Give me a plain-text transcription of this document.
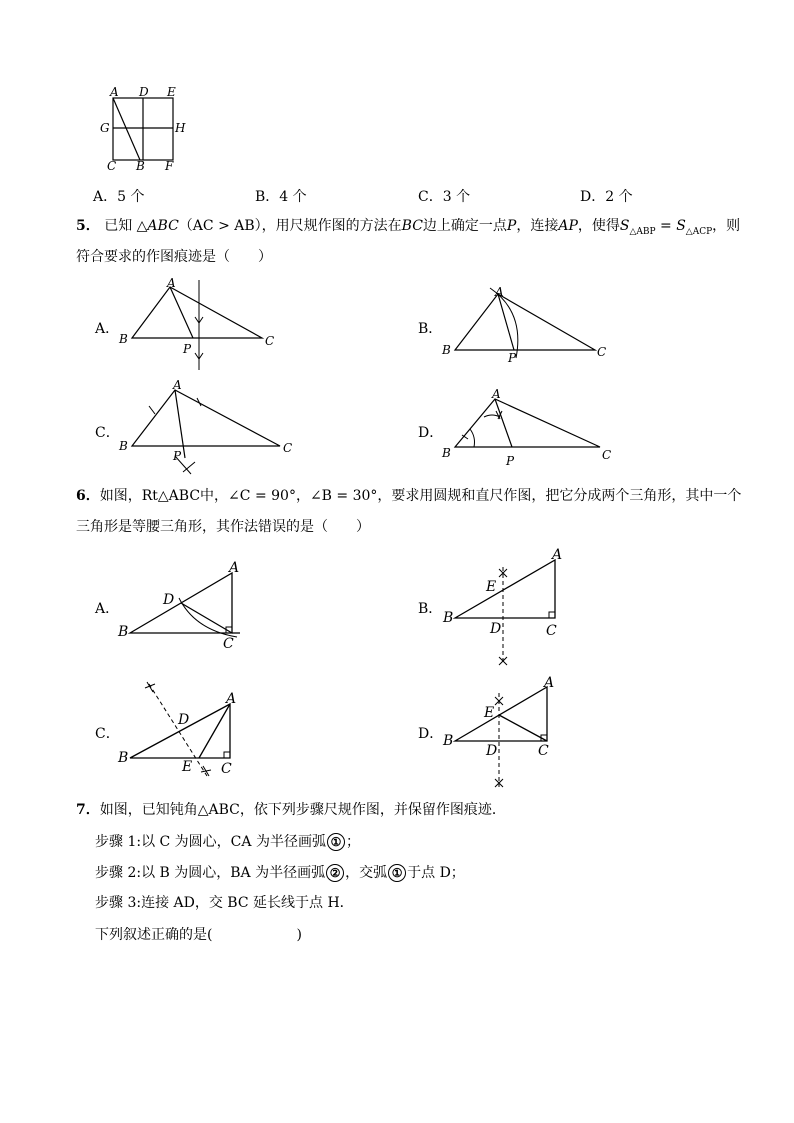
A D E
G	H
C B F
A．5 个	B．4 个	C．3 个	D．2 个
5． 已知 △ABC（AC > AB），用尺规作图的方法在BC边上确定一点P，连接AP，使得$S_{\triangle ABP} = S_{\triangle ACP}$，则
符合要求的作图痕迹是（　　）
A．
A
B	C
P
B．
A
B	C
P
C．
A
B	C
P
D．
A
B	C
P
6．如图，Rt△ABC中，∠C = 90°，∠B = 30°，要求用圆规和直尺作图，把它分成两个三角形，其中一个
三角形是等腰三角形，其作法错误的是（　　）
A．
A
B
C
D
B．
A
B
C
D
E
C．
A
B
C
D
E
D．
A
B
C
D
E
7．如图，已知钝角△ABC，依下列步骤尺规作图，并保留作图痕迹．
步骤 1:以 C 为圆心，CA 为半径画弧 ① ；
步骤 2:以 B 为圆心，BA 为半径画弧 ② ，交弧 ① 于点 D；
步骤 3:连接 AD，交 BC 延长线于点 H．
下列叙述正确的是(　　　　　　)
